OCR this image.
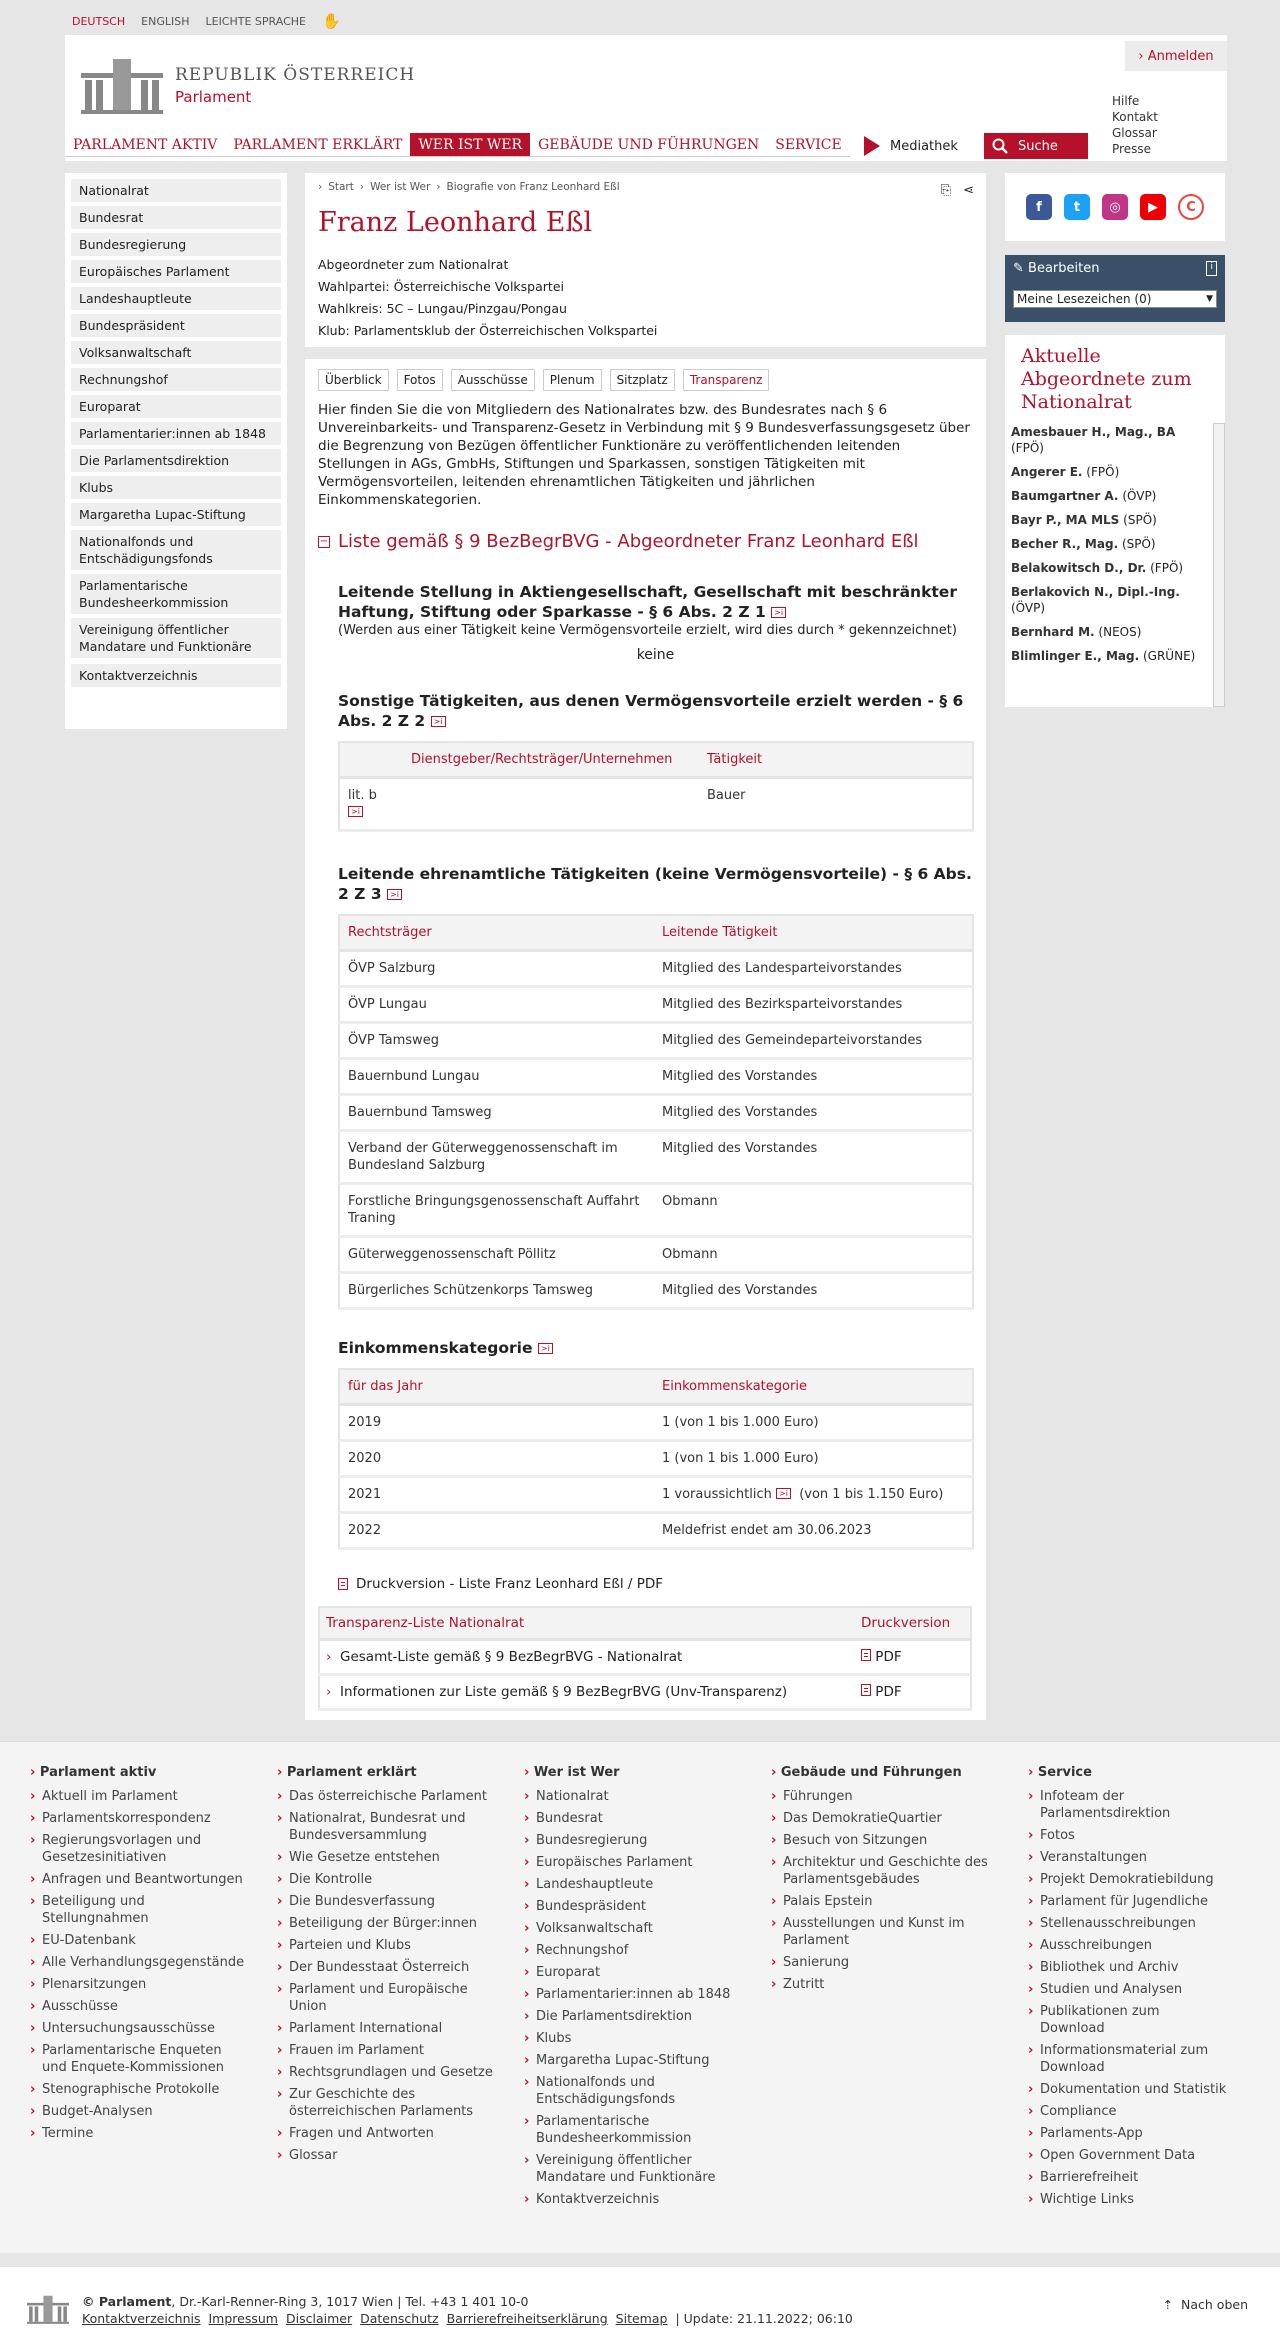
DEUTSCH ENGLISH LEICHTE SPRACHE ✋
REPUBLIK ÖSTERREICH
Parlament
› Anmelden
Hilfe
Kontakt
Glossar
Presse
PARLAMENT AKTIV	PARLAMENT ERKLÄRT	WER IST WER	GEBÄUDE UND FÜHRUNGEN	SERVICE	Mediathek	Suche
Nationalrat
Bundesrat
Bundesregierung
Europäisches Parlament
Landeshauptleute
Bundespräsident
Volksanwaltschaft
Rechnungshof
Europarat
Parlamentarier:innen ab 1848
Die Parlamentsdirektion
Klubs
Margaretha Lupac-Stiftung
Nationalfonds und Entschädigungsfonds
Parlamentarische Bundesheerkommission
Vereinigung öffentlicher Mandatare und Funktionäre
Kontaktverzeichnis
› Start › Wer ist Wer › Biografie von Franz Leonhard Eßl	⎘ ⋖
Franz Leonhard Eßl
Abgeordneter zum Nationalrat
Wahlpartei: Österreichische Volkspartei
Wahlkreis: 5C – Lungau/Pinzgau/Pongau
Klub: Parlamentsklub der Österreichischen Volkspartei
Überblick	Fotos	Ausschüsse	Plenum	Sitzplatz	Transparenz
Hier finden Sie die von Mitgliedern des Nationalrates bzw. des Bundesrates nach § 6 Unvereinbarkeits- und Transparenz-Gesetz in Verbindung mit § 9 Bundesverfassungsgesetz über die Begrenzung von Bezügen öffentlicher Funktionäre zu veröffentlichenden leitenden Stellungen in AGs, GmbHs, Stiftungen und Sparkassen, sonstigen Tätigkeiten mit Vermögensvorteilen, leitenden ehrenamtlichen Tätigkeiten und jährlichen Einkommenskategorien.
− Liste gemäß § 9 BezBegrBVG - Abgeordneter Franz Leonhard Eßl
Leitende Stellung in Aktiengesellschaft, Gesellschaft mit beschränkter Haftung, Stiftung oder Sparkasse - § 6 Abs. 2 Z 1 >i
(Werden aus einer Tätigkeit keine Vermögensvorteile erzielt, wird dies durch * gekennzeichnet)
keine
Sonstige Tätigkeiten, aus denen Vermögensvorteile erzielt werden - § 6 Abs. 2 Z 2 >i
	Dienstgeber/Rechtsträger/Unternehmen	Tätigkeit
lit. b
>i		Bauer
Leitende ehrenamtliche Tätigkeiten (keine Vermögensvorteile) - § 6 Abs. 2 Z 3 >i
Rechtsträger	Leitende Tätigkeit
ÖVP Salzburg	Mitglied des Landesparteivorstandes
ÖVP Lungau	Mitglied des Bezirksparteivorstandes
ÖVP Tamsweg	Mitglied des Gemeindeparteivorstandes
Bauernbund Lungau	Mitglied des Vorstandes
Bauernbund Tamsweg	Mitglied des Vorstandes
Verband der Güterweggenossenschaft im Bundesland Salzburg	Mitglied des Vorstandes
Forstliche Bringungsgenossenschaft Auffahrt Traning	Obmann
Güterweggenossenschaft Pöllitz	Obmann
Bürgerliches Schützenkorps Tamsweg	Mitglied des Vorstandes
Einkommenskategorie >i
für das Jahr	Einkommenskategorie
2019	1 (von 1 bis 1.000 Euro)
2020	1 (von 1 bis 1.000 Euro)
2021	1 voraussichtlich >i (von 1 bis 1.150 Euro)
2022	Meldefrist endet am 30.06.2023
Druckversion - Liste Franz Leonhard Eßl / PDF
Transparenz-Liste Nationalrat	Druckversion
› Gesamt-Liste gemäß § 9 BezBegrBVG - Nationalrat	PDF
› Informationen zur Liste gemäß § 9 BezBegrBVG (Unv-Transparenz)	PDF
f	t	◎	▶	C
✎ Bearbeiten	i
Meine Lesezeichen (0)	▼
Aktuelle Abgeordnete zum Nationalrat
Amesbauer H., Mag., BA (FPÖ)
Angerer E. (FPÖ)
Baumgartner A. (ÖVP)
Bayr P., MA MLS (SPÖ)
Becher R., Mag. (SPÖ)
Belakowitsch D., Dr. (FPÖ)
Berlakovich N., Dipl.-Ing. (ÖVP)
Bernhard M. (NEOS)
Blimlinger E., Mag. (GRÜNE)
› Parlament aktiv
› Aktuell im Parlament
› Parlamentskorrespondenz
› Regierungsvorlagen und Gesetzesinitiativen
› Anfragen und Beantwortungen
› Beteiligung und Stellungnahmen
› EU-Datenbank
› Alle Verhandlungsgegenstände
› Plenarsitzungen
› Ausschüsse
› Untersuchungsausschüsse
› Parlamentarische Enqueten und Enquete-Kommissionen
› Stenographische Protokolle
› Budget-Analysen
› Termine
› Parlament erklärt
› Das österreichische Parlament
› Nationalrat, Bundesrat und Bundesversammlung
› Wie Gesetze entstehen
› Die Kontrolle
› Die Bundesverfassung
› Beteiligung der Bürger:innen
› Parteien und Klubs
› Der Bundesstaat Österreich
› Parlament und Europäische Union
› Parlament International
› Frauen im Parlament
› Rechtsgrundlagen und Gesetze
› Zur Geschichte des österreichischen Parlaments
› Fragen und Antworten
› Glossar
› Wer ist Wer
› Nationalrat
› Bundesrat
› Bundesregierung
› Europäisches Parlament
› Landeshauptleute
› Bundespräsident
› Volksanwaltschaft
› Rechnungshof
› Europarat
› Parlamentarier:innen ab 1848
› Die Parlamentsdirektion
› Klubs
› Margaretha Lupac-Stiftung
› Nationalfonds und Entschädigungsfonds
› Parlamentarische Bundesheerkommission
› Vereinigung öffentlicher Mandatare und Funktionäre
› Kontaktverzeichnis
› Gebäude und Führungen
› Führungen
› Das DemokratieQuartier
› Besuch von Sitzungen
› Architektur und Geschichte des Parlamentsgebäudes
› Palais Epstein
› Ausstellungen und Kunst im Parlament
› Sanierung
› Zutritt
› Service
› Infoteam der Parlamentsdirektion
› Fotos
› Veranstaltungen
› Projekt Demokratiebildung
› Parlament für Jugendliche
› Stellenausschreibungen
› Ausschreibungen
› Bibliothek und Archiv
› Studien und Analysen
› Publikationen zum Download
› Informationsmaterial zum Download
› Dokumentation und Statistik
› Compliance
› Parlaments-App
› Open Government Data
› Barrierefreiheit
› Wichtige Links
© Parlament, Dr.-Karl-Renner-Ring 3, 1017 Wien | Tel. +43 1 401 10-0
Kontaktverzeichnis Impressum Disclaimer Datenschutz Barrierefreiheitserklärung Sitemap | Update: 21.11.2022; 06:10
⇡ Nach oben
